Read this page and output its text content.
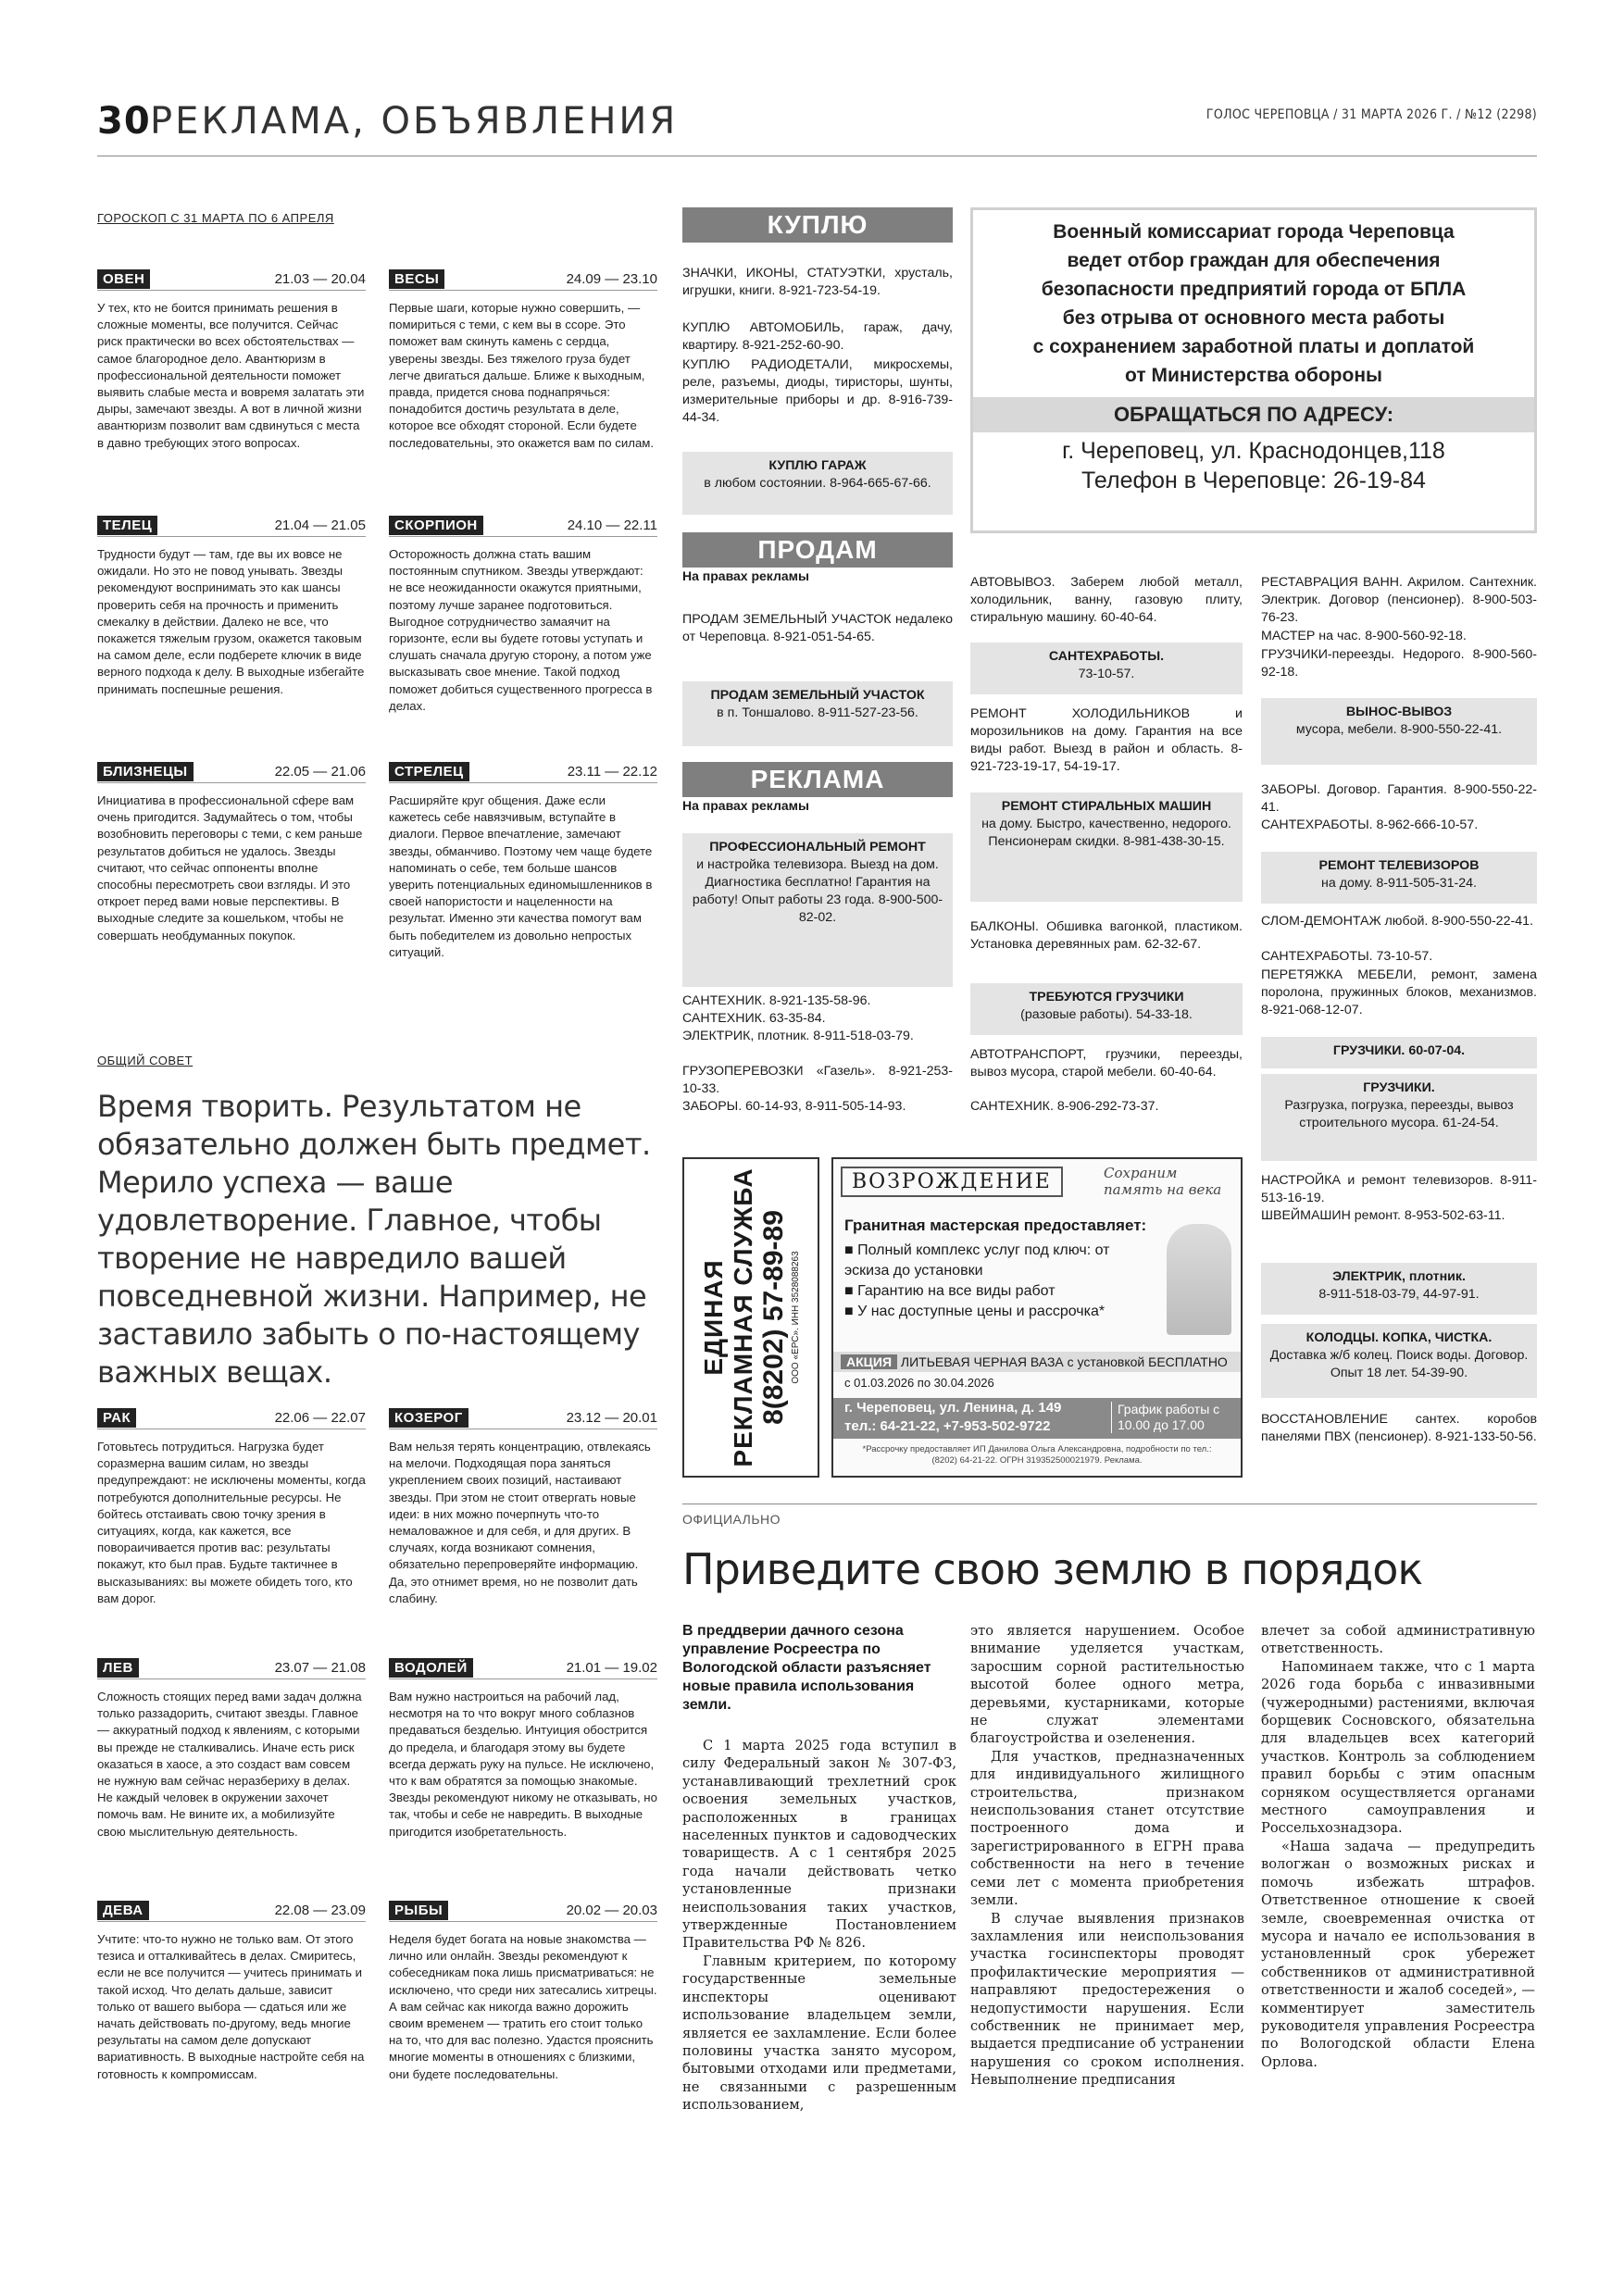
30 РЕКЛАМА, ОБЪЯВЛЕНИЯ	ГОЛОС ЧЕРЕПОВЦА / 31 МАРТА 2026 Г. / №12 (2298)
ГОРОСКОП С 31 МАРТА ПО 6 АПРЕЛЯ
ОВЕН	21.03 — 20.04
У тех, кто не боится принимать решения в сложные моменты, все получится. Сейчас риск практически во всех обстоятельствах — самое благородное дело. Авантюризм в профессиональной деятельности поможет выявить слабые места и вовремя залатать эти дыры, замечают звезды. А вот в личной жизни авантюризм позволит вам сдвинуться с места в давно требующих этого вопросах.
ВЕСЫ	24.09 — 23.10
Первые шаги, которые нужно совершить, — помириться с теми, с кем вы в ссоре. Это поможет вам скинуть камень с сердца, уверены звезды. Без тяжелого груза будет легче двигаться дальше. Ближе к выходным, правда, придется снова поднапрячься: понадобится достичь результата в деле, которое все обходят стороной. Если будете последовательны, это окажется вам по силам.
ТЕЛЕЦ	21.04 — 21.05
Трудности будут — там, где вы их вовсе не ожидали. Но это не повод унывать. Звезды рекомендуют воспринимать это как шансы проверить себя на прочность и применить смекалку в действии. Далеко не все, что покажется тяжелым грузом, окажется таковым на самом деле, если подберете ключик в виде верного подхода к делу. В выходные избегайте принимать поспешные решения.
СКОРПИОН	24.10 — 22.11
Осторожность должна стать вашим постоянным спутником. Звезды утверждают: не все неожиданности окажутся приятными, поэтому лучше заранее подготовиться. Выгодное сотрудничество замаячит на горизонте, если вы будете готовы уступать и слушать сначала другую сторону, а потом уже высказывать свое мнение. Такой подход поможет добиться существенного прогресса в делах.
БЛИЗНЕЦЫ	22.05 — 21.06
Инициатива в профессиональной сфере вам очень пригодится. Задумайтесь о том, чтобы возобновить переговоры с теми, с кем раньше результатов добиться не удалось. Звезды считают, что сейчас оппоненты вполне способны пересмотреть свои взгляды. И это откроет перед вами новые перспективы. В выходные следите за кошельком, чтобы не совершать необдуманных покупок.
СТРЕЛЕЦ	23.11 — 22.12
Расширяйте круг общения. Даже если кажетесь себе навязчивым, вступайте в диалоги. Первое впечатление, замечают звезды, обманчиво. Поэтому чем чаще будете напоминать о себе, тем больше шансов уверить потенциальных единомышленников в своей напористости и нацеленности на результат. Именно эти качества помогут вам быть победителем из довольно непростых ситуаций.
РАК	22.06 — 22.07
Готовьтесь потрудиться. Нагрузка будет соразмерна вашим силам, но звезды предупреждают: не исключены моменты, когда потребуются дополнительные ресурсы. Не бойтесь отстаивать свою точку зрения в ситуациях, когда, как кажется, все повораичивается против вас: результаты покажут, кто был прав. Будьте тактичнее в высказываниях: вы можете обидеть того, кто вам дорог.
КОЗЕРОГ	23.12 — 20.01
Вам нельзя терять концентрацию, отвлекаясь на мелочи. Подходящая пора заняться укреплением своих позиций, настаивают звезды. При этом не стоит отвергать новые идеи: в них можно почерпнуть что-то немаловажное и для себя, и для других. В случаях, когда возникают сомнения, обязательно перепроверяйте информацию. Да, это отнимет время, но не позволит дать слабину.
ЛЕВ	23.07 — 21.08
Сложность стоящих перед вами задач должна только раззадорить, считают звезды. Главное — аккуратный подход к явлениям, с которыми вы прежде не сталкивались. Иначе есть риск оказаться в хаосе, а это создаст вам совсем не нужную вам сейчас неразбериху в делах. Не каждый человек в окружении захочет помочь вам. Не вините их, а мобилизуйте свою мыслительную деятельность.
ВОДОЛЕЙ	21.01 — 19.02
Вам нужно настроиться на рабочий лад, несмотря на то что вокруг много соблазнов предаваться безделью. Интуиция обострится до предела, и благодаря этому вы будете всегда держать руку на пульсе. Не исключено, что к вам обратятся за помощью знакомые. Звезды рекомендуют никому не отказывать, но так, чтобы и себе не навредить. В выходные пригодится изобретательность.
ДЕВА	22.08 — 23.09
Учтите: что-то нужно не только вам. От этого тезиса и отталкивайтесь в делах. Смиритесь, если не все получится — учитесь принимать и такой исход. Что делать дальше, зависит только от вашего выбора — сдаться или же начать действовать по-другому, ведь многие результаты на самом деле допускают вариативность. В выходные настройте себя на готовность к компромиссам.
РЫБЫ	20.02 — 20.03
Неделя будет богата на новые знакомства — лично или онлайн. Звезды рекомендуют к собеседникам пока лишь присматриваться: не исключено, что среди них затесались хитрецы. А вам сейчас как никогда важно дорожить своим временем — тратить его стоит только на то, что для вас полезно. Удастся прояснить многие моменты в отношениях с близкими, они будете последовательны.
ОБЩИЙ СОВЕТ
Время творить. Результатом не обязательно должен быть предмет. Мерило успеха — ваше удовлетворение. Главное, чтобы творение не навредило вашей повседневной жизни. Например, не заставило забыть о по-настоящему важных вещах.
КУПЛЮ
ЗНАЧКИ, ИКОНЫ, СТАТУЭТКИ, хрусталь, игрушки, книги. 8-921-723-54-19.
КУПЛЮ АВТОМОБИЛЬ, гараж, дачу, квартиру. 8-921-252-60-90.
КУПЛЮ РАДИОДЕТАЛИ, микросхемы, реле, разъемы, диоды, тиристоры, шунты, измерительные приборы и др. 8-916-739-44-34.
КУПЛЮ ГАРАЖ
в любом состоянии. 8-964-665-67-66.
ПРОДАМ
На правах рекламы
ПРОДАМ ЗЕМЕЛЬНЫЙ УЧАСТОК недалеко от Череповца. 8-921-051-54-65.
ПРОДАМ ЗЕМЕЛЬНЫЙ УЧАСТОК
в п. Тоншалово. 8-911-527-23-56.
РЕКЛАМА
На правах рекламы
ПРОФЕССИОНАЛЬНЫЙ РЕМОНТ
и настройка телевизора. Выезд на дом. Диагностика бесплатно! Гарантия на работу! Опыт работы 23 года. 8-900-500-82-02.
САНТЕХНИК. 8-921-135-58-96.
САНТЕХНИК. 63-35-84.
ЭЛЕКТРИК, плотник. 8-911-518-03-79.
ГРУЗОПЕРЕВОЗКИ «Газель». 8-921-253-10-33.
ЗАБОРЫ. 60-14-93, 8-911-505-14-93.
Военный комиссариат города Череповца
ведет отбор граждан для обеспечения
безопасности предприятий города от БПЛА
без отрыва от основного места работы
с сохранением заработной платы и доплатой
от Министерства обороны
ОБРАЩАТЬСЯ ПО АДРЕСУ:
г. Череповец, ул. Краснодонцев,118
Телефон в Череповце: 26-19-84
АВТОВЫВОЗ. Заберем любой металл, холодильник, ванну, газовую плиту, стиральную машину. 60-40-64.
САНТЕХРАБОТЫ.
73-10-57.
РЕМОНТ ХОЛОДИЛЬНИКОВ и морозильников на дому. Гарантия на все виды работ. Выезд в район и область. 8-921-723-19-17, 54-19-17.
РЕМОНТ СТИРАЛЬНЫХ МАШИН
на дому. Быстро, качественно, недорого. Пенсионерам скидки. 8-981-438-30-15.
БАЛКОНЫ. Обшивка вагонкой, пластиком. Установка деревянных рам. 62-32-67.
ТРЕБУЮТСЯ ГРУЗЧИКИ
(разовые работы). 54-33-18.
АВТОТРАНСПОРТ, грузчики, переезды, вывоз мусора, старой мебели. 60-40-64.
САНТЕХНИК. 8-906-292-73-37.
РЕСТАВРАЦИЯ ВАНН. Акрилом. Сантехник. Электрик. Договор (пенсионер). 8-900-503-76-23.
МАСТЕР на час. 8-900-560-92-18.
ГРУЗЧИКИ-переезды. Недорого. 8-900-560-92-18.
ВЫНОС-ВЫВОЗ
мусора, мебели. 8-900-550-22-41.
ЗАБОРЫ. Договор. Гарантия. 8-900-550-22-41.
САНТЕХРАБОТЫ. 8-962-666-10-57.
РЕМОНТ ТЕЛЕВИЗОРОВ
на дому. 8-911-505-31-24.
СЛОМ-ДЕМОНТАЖ любой. 8-900-550-22-41.
САНТЕХРАБОТЫ. 73-10-57.
ПЕРЕТЯЖКА МЕБЕЛИ, ремонт, замена поролона, пружинных блоков, механизмов. 8-921-068-12-07.
ГРУЗЧИКИ. 60-07-04.
ГРУЗЧИКИ.
Разгрузка, погрузка, переезды, вывоз строительного мусора. 61-24-54.
НАСТРОЙКА и ремонт телевизоров. 8-911-513-16-19.
ШВЕЙМАШИН ремонт. 8-953-502-63-11.
ЭЛЕКТРИК, плотник.
8-911-518-03-79, 44-97-91.
КОЛОДЦЫ. КОПКА, ЧИСТКА.
Доставка ж/б колец. Поиск воды. Договор. Опыт 18 лет. 54-39-90.
ВОССТАНОВЛЕНИЕ сантех. коробов панелями ПВХ (пенсионер). 8-921-133-50-56.
ЕДИНАЯ РЕКЛАМНАЯ СЛУЖБА 8(8202) 57-89-89 ООО «ЕРС». ИНН 3528088263
ВОЗРОЖДЕНИЕ	Сохраним память на века
Гранитная мастерская предоставляет:
■ Полный комплекс услуг под ключ: от эскиза до установки
■ Гарантию на все виды работ
■ У нас доступные цены и рассрочка*
АКЦИЯ ЛИТЬЕВАЯ ЧЕРНАЯ ВАЗА с установкой БЕСПЛАТНО
с 01.03.2026 по 30.04.2026
г. Череповец, ул. Ленина, д. 149
тел.: 64-21-22, +7-953-502-9722
График работы с 10.00 до 17.00
*Рассрочку предоставляет ИП Данилова Ольга Александровна, подробности по тел.: (8202) 64-21-22. ОГРН 319352500021979. Реклама.
ОФИЦИАЛЬНО
Приведите свою землю в порядок
В преддверии дачного сезона управление Росреестра по Вологодской области разъясняет новые правила использования земли.

С 1 марта 2025 года вступил в силу Федеральный закон № 307-ФЗ, устанавливающий трехлетний срок освоения земельных участков, расположенных в границах населенных пунктов и садоводческих товариществ. А с 1 сентября 2025 года начали действовать четко установленные признаки неиспользования таких участков, утвержденные Постановлением Правительства РФ № 826.

Главным критерием, по которому государственные земельные инспекторы оценивают использование владельцем земли, является ее захламление. Если более половины участка занято мусором, бытовыми отходами или предметами, не связанными с разрешенным использованием,

это является нарушением. Особое внимание уделяется участкам, заросшим сорной растительностью высотой более одного метра, деревьями, кустарниками, которые не служат элементами благоустройства и озеленения.

Для участков, предназначенных для индивидуального жилищного строительства, признаком неиспользования станет отсутствие построенного дома и зарегистрированного в ЕГРН права собственности на него в течение семи лет с момента приобретения земли.

В случае выявления признаков захламления или неиспользования участка госинспекторы проводят профилактические мероприятия — направляют предостережения о недопустимости нарушения. Если собственник не принимает мер, выдается предписание об устранении нарушения со сроком исполнения. Невыполнение предписания

влечет за собой административную ответственность.

Напоминаем также, что с 1 марта 2026 года борьба с инвазивными (чужеродными) растениями, включая борщевик Сосновского, обязательна для владельцев всех категорий участков. Контроль за соблюдением правил борьбы с этим опасным сорняком осуществляется органами местного самоуправления и Россельхознадзора.

«Наша задача — предупредить вологжан о возможных рисках и помочь избежать штрафов. Ответственное отношение к своей земле, своевременная очистка от мусора и начало ее использования в установленный срок убережет собственников от административной ответственности и жалоб соседей», — комментирует заместитель руководителя управления Росреестра по Вологодской области Елена Орлова.
